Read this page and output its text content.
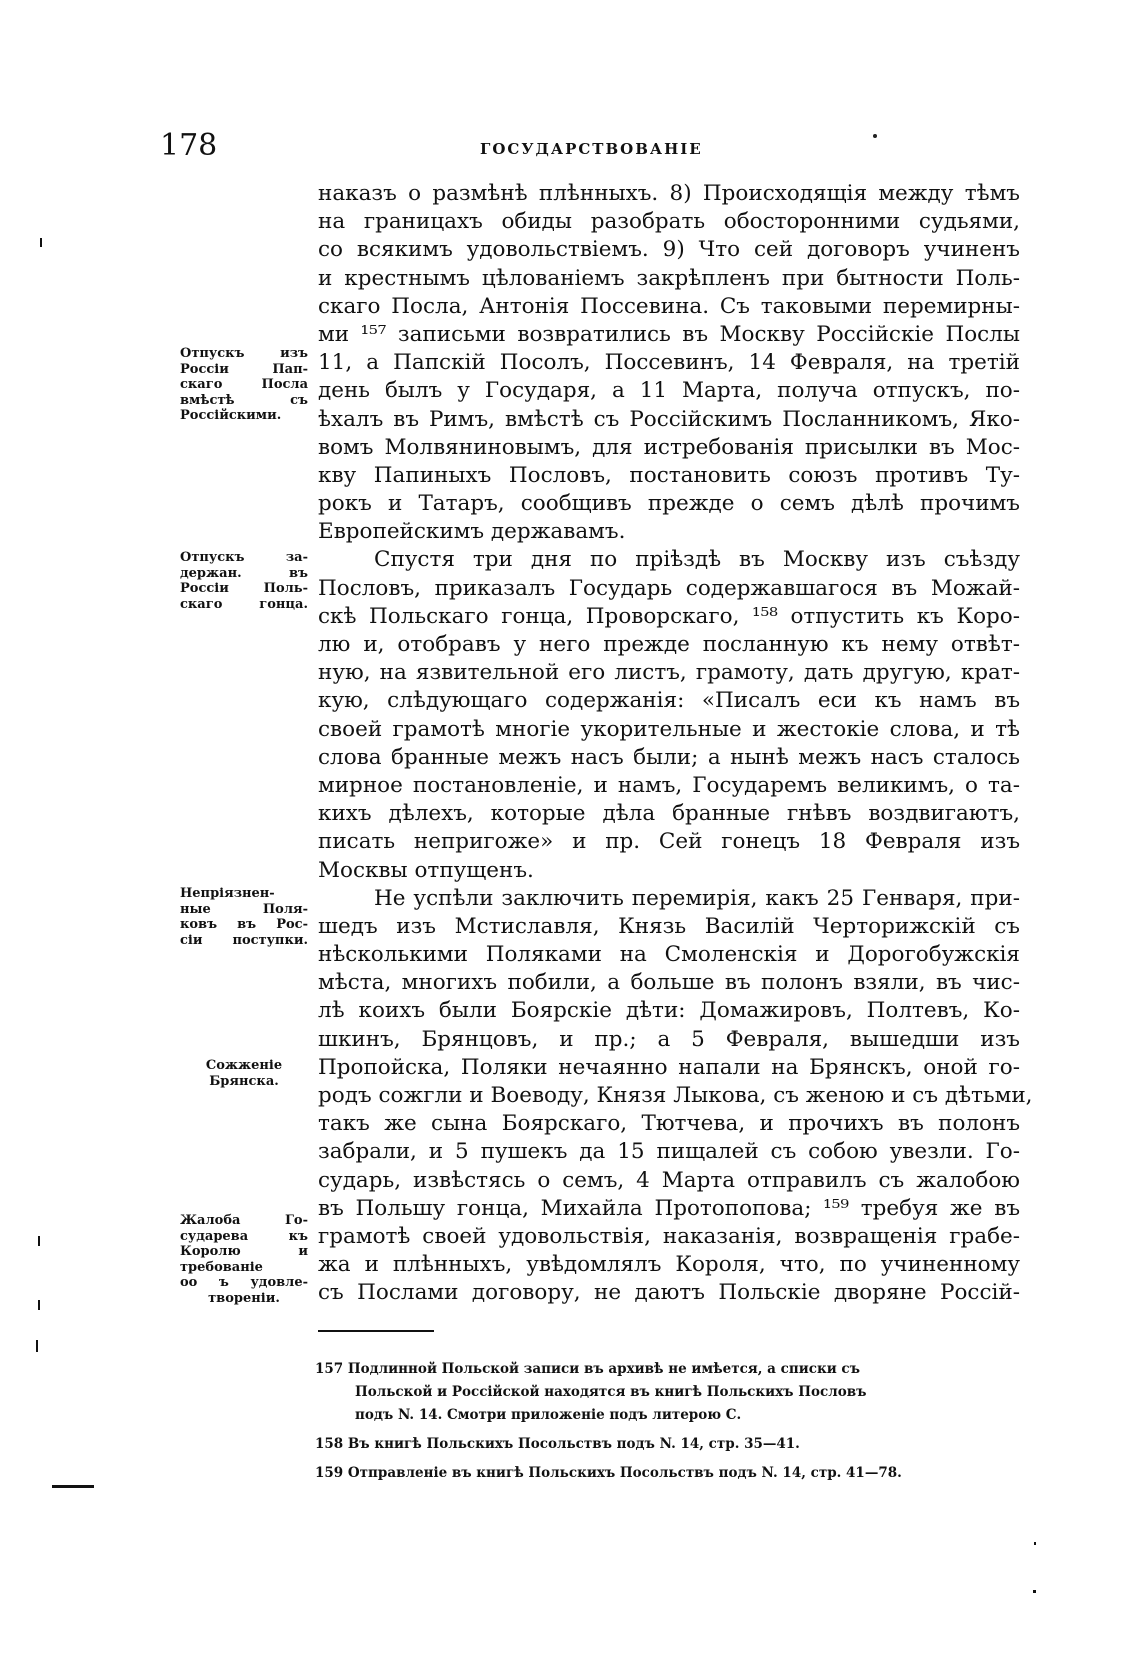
178	ГОСУДАРСТВОВАНІЕ

наказъ о размѣнѣ плѣнныхъ. 8) Происходящія между тѣмъ
на границахъ обиды разобрать обосторонними судьями,
со всякимъ удовольствіемъ. 9) Что сей договоръ учиненъ
и крестнымъ цѣлованіемъ закрѣпленъ при бытности Поль-
скаго Посла, Антонія Поссевина. Съ таковыми перемирны-
ми ¹⁵⁷ записьми возвратились въ Москву Россійскіе Послы
11, а Папскій Посолъ, Поссевинъ, 14 Февраля, на третій
день былъ у Государя, а 11 Марта, получа отпускъ, по-
ѣхалъ въ Римъ, вмѣстѣ съ Россійскимъ Посланникомъ, Яко-
вомъ Молвяниновымъ, для истребованія присылки въ Мос-
кву Папиныхъ Пословъ, постановить союзъ противъ Ту-
рокъ и Татаръ, сообщивъ прежде о семъ дѣлѣ прочимъ
Европейскимъ державамъ.

Спустя три дня по пріѣздѣ въ Москву изъ съѣзду
Пословъ, приказалъ Государь содержавшагося въ Можай-
скѣ Польскаго гонца, Проворскаго, ¹⁵⁸ отпустить къ Коро-
лю и, отобравъ у него прежде посланную къ нему отвѣт-
ную, на язвительной его листъ, грамоту, дать другую, крат-
кую, слѣдующаго содержанія: «Писалъ еси къ намъ въ
своей грамотѣ многіе укорительные и жестокіе слова, и тѣ
слова бранные межъ насъ были; а нынѣ межъ насъ сталось
мирное постановленіе, и намъ, Государемъ великимъ, о та-
кихъ дѣлехъ, которые дѣла бранные гнѣвъ воздвигаютъ,
писать непригоже» и пр. Сей гонецъ 18 Февраля изъ
Москвы отпущенъ.

Не успѣли заключить перемирія, какъ 25 Генваря, при-
шедъ изъ Мстиславля, Князь Василій Черторижскій съ
нѣсколькими Поляками на Смоленскія и Дорогобужскія
мѣста, многихъ побили, а больше въ полонъ взяли, въ чис-
лѣ коихъ были Боярскіе дѣти: Домажировъ, Полтевъ, Ко-
шкинъ, Брянцовъ, и пр.; а 5 Февраля, вышедши изъ
Пропойска, Поляки нечаянно напали на Брянскъ, оной го-
родъ сожгли и Воеводу, Князя Лыкова, съ женою и съ дѣтьми,
такъ же сына Боярскаго, Тютчева, и прочихъ въ полонъ
забрали, и 5 пушекъ да 15 пищалей съ собою увезли. Го-
сударь, извѣстясь о семъ, 4 Марта отправилъ съ жалобою
въ Польшу гонца, Михайла Протопопова; ¹⁵⁹ требуя же въ
грамотѣ своей удовольствія, наказанія, возвращенія грабе-
жа и плѣнныхъ, увѣдомлялъ Короля, что, по учиненному
съ Послами договору, не даютъ Польскіе дворяне Россій-

Отпускъ изъ
Россіи Пап-
скаго Посла
вмѣстѣ съ
Россійскими.
Отпускъ за-
держан. въ
Россіи Поль-
скаго гонца.
Непріязнен-
ные Поля-
ковъ въ Рос-
сіи поступки.
Сожженіе
Брянска.
Жалоба Го-
сударева къ
Королю и
требованіе
оо ъ удовле-
твореніи.
157 Подлинной Польской записи въ архивѣ не имѣется, а списки съ
Польской и Россійской находятся въ книгѣ Польскихъ Пословъ
подъ N. 14. Смотри приложеніе подъ литерою С.
158 Въ книгѣ Польскихъ Посольствъ подъ N. 14, стр. 35—41.
159 Отправленіе въ книгѣ Польскихъ Посольствъ подъ N. 14, стр. 41—78.
